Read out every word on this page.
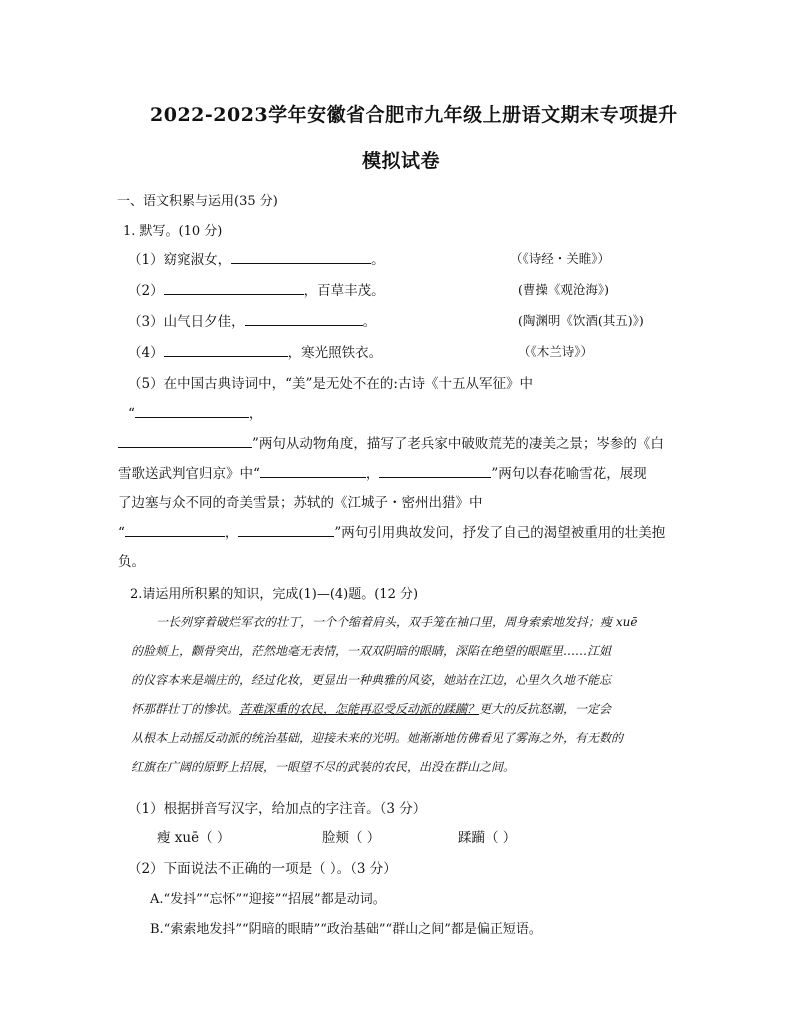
2022-2023学年安徽省合肥市九年级上册语文期末专项提升
模拟试卷
一、语文积累与运用(35 分)
1. 默写。(10 分)
（1）窈窕淑女，	。	（《诗经・关睢》）
（2）	，百草丰茂。	(曹操《观沧海》)
（3）山气日夕佳，	。	(陶渊明《饮酒(其五)》)
（4）	，寒光照铁衣。	（《木兰诗》）
（5）在中国古典诗词中，“美”是无处不在的:古诗《十五从军征》中
“	，
”两句从动物角度，描写了老兵家中破败荒芜的凄美之景；岑参的《白
雪歌送武判官归京》中“	，	”两句以春花喻雪花，展现
了边塞与众不同的奇美雪景；苏轼的《江城子・密州出猎》中
“	，	”两句引用典故发问，抒发了自己的渴望被重用的壮美抱
负。
2.请运用所积累的知识，完成(1)—(4)题。(12 分)
一长列穿着破烂军衣的壮丁，一个个缩着肩头，双手笼在袖口里，周身索索地发抖；瘦 xuē
的脸颊上，颧骨突出，茫然地毫无表情，一双双阴暗的眼睛，深陷在绝望的眼眶里……江姐
的仪容本来是端庄的，经过化妆，更显出一种典雅的风姿，她站在江边，心里久久地不能忘
怀那群壮丁的惨状。苦难深重的农民，怎能再忍受反动派的蹂躏？更大的反抗怒潮，一定会
从根本上动摇反动派的统治基础，迎接未来的光明。她渐渐地仿佛看见了雾海之外，有无数的
红旗在广阔的原野上招展，一眼望不尽的武装的农民，出没在群山之间。
（1）根据拼音写汉字，给加点的字注音。（3 分）
瘦 xuē（ ）	脸颊（ ）	蹂躏（ ）
（2）下面说法不正确的一项是（ ）。（3 分）
A.“发抖”“忘怀”“迎接”“招展”都是动词。
B.“索索地发抖”“阴暗的眼睛”“政治基础”“群山之间”都是偏正短语。
